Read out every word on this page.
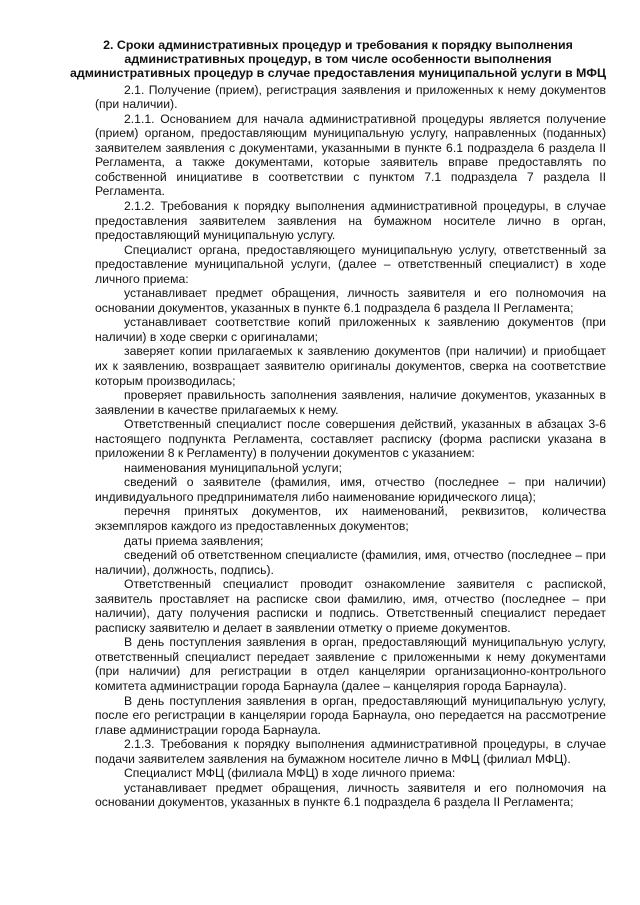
2. Сроки административных процедур и требования к порядку выполнения административных процедур, в том числе особенности выполнения административных процедур в случае предоставления муниципальной услуги в МФЦ

2.1. Получение (прием), регистрация заявления и приложенных к нему документов (при наличии).

2.1.1. Основанием для начала административной процедуры является получение (прием) органом, предоставляющим муниципальную услугу, направленных (поданных) заявителем заявления с документами, указанными в пункте 6.1 подраздела 6 раздела II Регламента, а также документами, которые заявитель вправе предоставлять по собственной инициативе в соответствии с пунктом 7.1 подраздела 7 раздела II Регламента.

2.1.2. Требования к порядку выполнения административной процедуры, в случае предоставления заявителем заявления на бумажном носителе лично в орган, предоставляющий муниципальную услугу.

Специалист органа, предоставляющего муниципальную услугу, ответственный за предоставление муниципальной услуги, (далее – ответственный специалист) в ходе личного приема:

устанавливает предмет обращения, личность заявителя и его полномочия на основании документов, указанных в пункте 6.1 подраздела 6 раздела II Регламента;

устанавливает соответствие копий приложенных к заявлению документов (при наличии) в ходе сверки с оригиналами;

заверяет копии прилагаемых к заявлению документов (при наличии) и приобщает их к заявлению, возвращает заявителю оригиналы документов, сверка на соответствие которым производилась;

проверяет правильность заполнения заявления, наличие документов, указанных в заявлении в качестве прилагаемых к нему.

Ответственный специалист после совершения действий, указанных в абзацах 3-6 настоящего подпункта Регламента, составляет расписку (форма расписки указана в приложении 8 к Регламенту) в получении документов с указанием:

наименования муниципальной услуги;

сведений о заявителе (фамилия, имя, отчество (последнее – при наличии) индивидуального предпринимателя либо наименование юридического лица);

перечня принятых документов, их наименований, реквизитов, количества экземпляров каждого из предоставленных документов;

даты приема заявления;

сведений об ответственном специалисте (фамилия, имя, отчество (последнее – при наличии), должность, подпись).

Ответственный специалист проводит ознакомление заявителя с распиской, заявитель проставляет на расписке свои фамилию, имя, отчество (последнее – при наличии), дату получения расписки и подпись. Ответственный специалист передает расписку заявителю и делает в заявлении отметку о приеме документов.

В день поступления заявления в орган, предоставляющий муниципальную услугу, ответственный специалист передает заявление с приложенными к нему документами (при наличии) для регистрации в отдел канцелярии организационно-контрольного комитета администрации города Барнаула (далее – канцелярия города Барнаула).

В день поступления заявления в орган, предоставляющий муниципальную услугу, после его регистрации в канцелярии города Барнаула, оно передается на рассмотрение главе администрации города Барнаула.

2.1.3. Требования к порядку выполнения административной процедуры, в случае подачи заявителем заявления на бумажном носителе лично в МФЦ (филиал МФЦ).

Специалист МФЦ (филиала МФЦ) в ходе личного приема:

устанавливает предмет обращения, личность заявителя и его полномочия на основании документов, указанных в пункте 6.1 подраздела 6 раздела II Регламента;
